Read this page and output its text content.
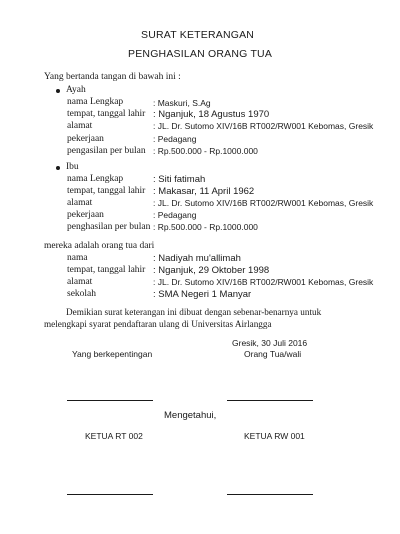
SURAT KETERANGAN
PENGHASILAN ORANG TUA
Yang bertanda tangan di bawah ini :
Ayah
nama Lengkap	: Maskuri, S.Ag
tempat, tanggal lahir : Nganjuk, 18 Agustus 1970
alamat	: JL. Dr. Sutomo XIV/16B RT002/RW001 Kebomas, Gresik
pekerjaan	: Pedagang
pengasilan per bulan : Rp.500.000 - Rp.1000.000
Ibu
nama Lengkap	: Siti fatimah
tempat, tanggal lahir : Makasar, 11 April 1962
alamat	: JL. Dr. Sutomo XIV/16B RT002/RW001 Kebomas, Gresik
pekerjaan	: Pedagang
penghasilan per bulan : Rp.500.000 - Rp.1000.000
mereka adalah orang tua dari
nama	: Nadiyah mu'allimah
tempat, tanggal lahir : Nganjuk, 29 Oktober 1998
alamat	: JL. Dr. Sutomo XIV/16B RT002/RW001 Kebomas, Gresik
sekolah	: SMA Negeri 1 Manyar
Demikian surat keterangan ini dibuat dengan sebenar-benarnya untuk
melengkapi syarat pendaftaran ulang di Universitas Airlangga
Gresik, 30 Juli 2016
Orang Tua/wali
Yang berkepentingan
Mengetahui,
KETUA RT 002	KETUA RW 001
